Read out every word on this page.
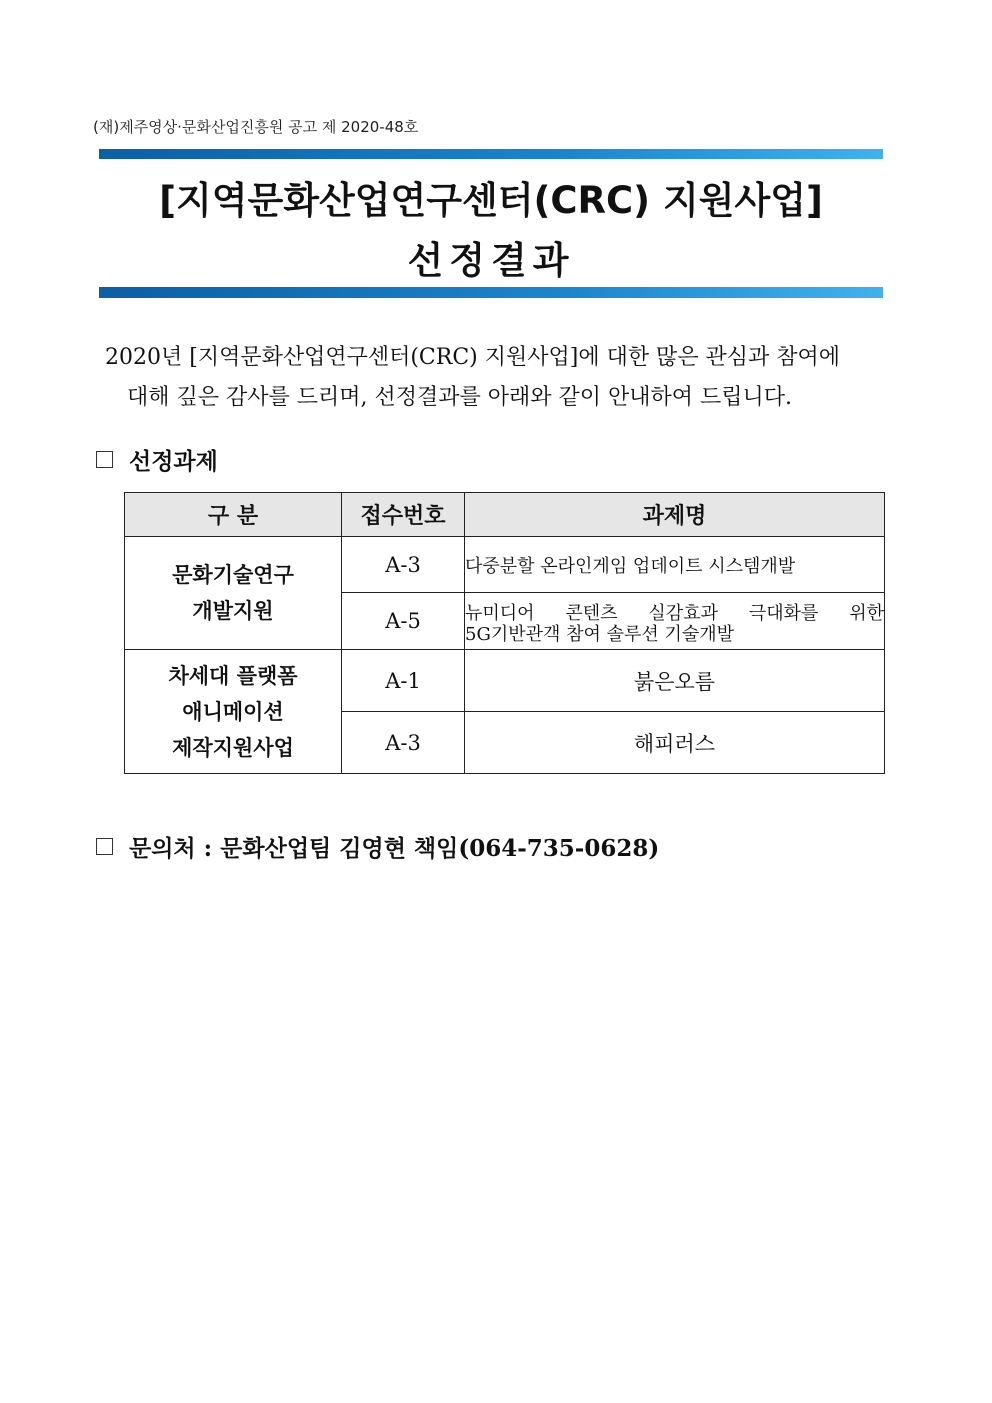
(재)제주영상·문화산업진흥원 공고 제 2020-48호
[지역문화산업연구센터(CRC) 지원사업]
선정결과

2020년 [지역문화산업연구센터(CRC) 지원사업]에 대한 많은 관심과 참여에

대해 깊은 감사를 드리며, 선정결과를 아래와 같이 안내하여 드립니다.

선정과제
구 분	접수번호	과제명

문화기술연구
개발지원	A-3	다중분할 온라인게임 업데이트 시스템개발
	A-5	뉴미디어 콘텐츠 실감효과 극대화를 위한
5G기반관객 참여 솔루션 기술개발

차세대 플랫폼
애니메이션
제작지원사업	A-1	붉은오름
	A-3	해피러스
문의처 : 문화산업팀 김영현 책임(064-735-0628)
